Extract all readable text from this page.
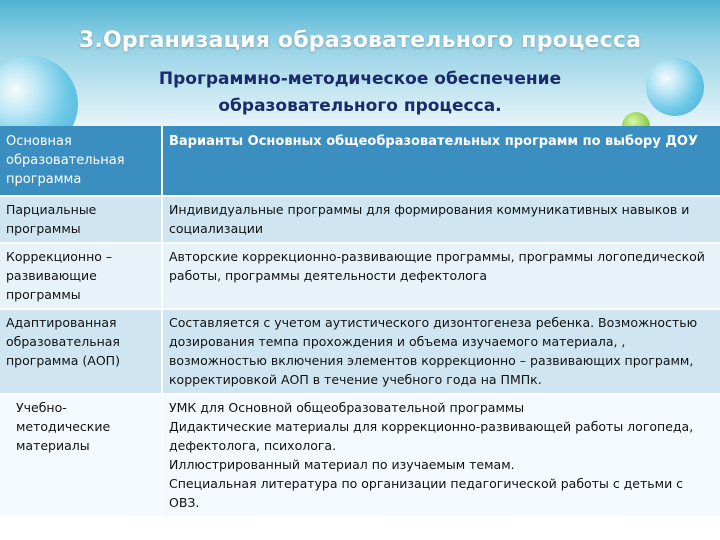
3.Организация образовательного процесса
Программно-методическое обеспечение
образовательного процесса.
Основная образовательная программа	Варианты Основных общеобразовательных программ по выбору ДОУ
Парциальные программы	Индивидуальные программы для формирования коммуникативных навыков и социализации
Коррекционно – развивающие программы	Авторские коррекционно-развивающие программы, программы логопедической работы, программы деятельности дефектолога
Адаптированная образовательная программа (АОП)	Составляется с учетом аутистического дизонтогенеза ребенка. Возможностью дозирования темпа прохождения и объема изучаемого материала, , возможностью включения элементов коррекционно – развивающих программ, корректировкой АОП в течение учебного года на ПМПк.
Учебно-методические материалы	УМК для Основной общеобразовательной программы
Дидактические материалы для коррекционно-развивающей работы логопеда, дефектолога, психолога.
Иллюстрированный материал по изучаемым темам.
Специальная литература по организации педагогической работы с детьми с ОВЗ.
